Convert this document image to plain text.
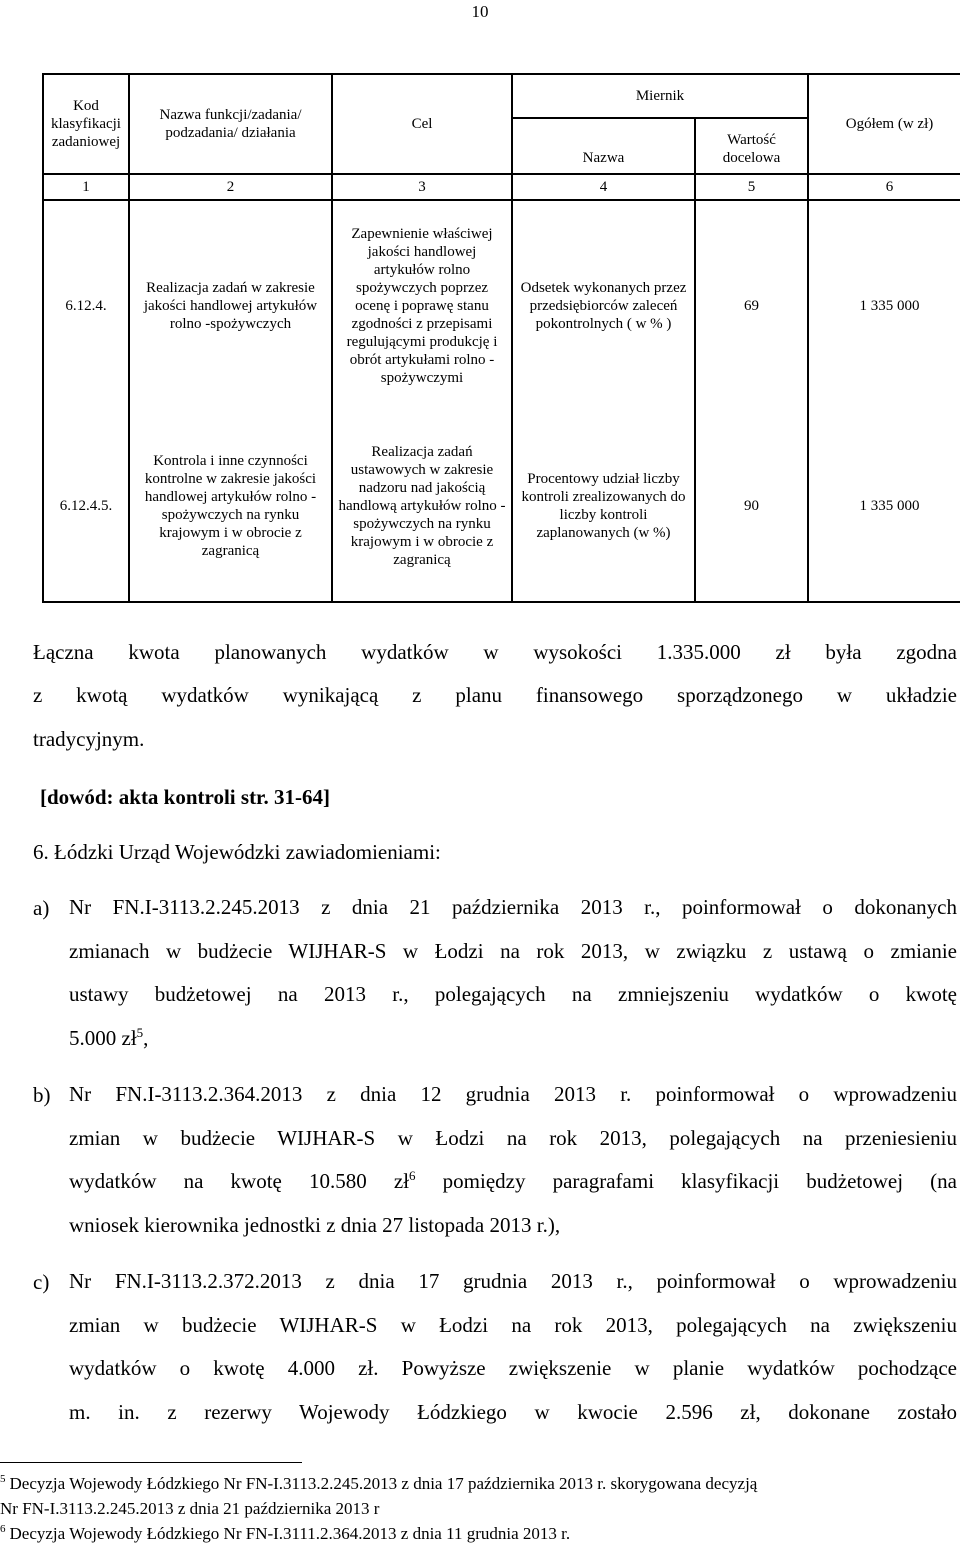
10
Kod klasyfikacji zadaniowej	Nazwa funkcji/zadania/ podzadania/ działania	Cel	Miernik		Ogółem (w zł)
			Nazwa	Wartość docelowa	
1	2	3	4	5	6
6.12.4.	Realizacja zadań w zakresie jakości handlowej artykułów rolno -spożywczych	Zapewnienie właściwej jakości handlowej artykułów rolno spożywczych poprzez ocenę i poprawę stanu zgodności z przepisami regulującymi produkcję i obrót artykułami rolno -spożywczymi	Odsetek wykonanych przez przedsiębiorców zaleceń pokontrolnych ( w % )	69	1 335 000
6.12.4.5.	Kontrola i inne czynności kontrolne w zakresie jakości handlowej artykułów rolno - spożywczych na rynku krajowym i w obrocie z zagranicą	Realizacja zadań ustawowych w zakresie nadzoru nad jakością handlową artykułów rolno -spożywczych na rynku krajowym i w obrocie z zagranicą	Procentowy udział liczby kontroli zrealizowanych do liczby kontroli zaplanowanych (w %)	90	1 335 000
Łączna kwota planowanych wydatków w wysokości 1.335.000 zł była zgodna
z kwotą wydatków wynikającą z planu finansowego sporządzonego w układzie
tradycyjnym.
[dowód: akta kontroli str. 31-64]
6. Łódzki Urząd Wojewódzki zawiadomieniami:
a) Nr FN.I-3113.2.245.2013 z dnia 21 października 2013 r., poinformował o dokonanych
zmianach w budżecie WIJHAR-S w Łodzi na rok 2013, w związku z ustawą o zmianie
ustawy budżetowej na 2013 r., polegających na zmniejszeniu wydatków o kwotę
5.000 $zł^5$,
b) Nr FN.I-3113.2.364.2013 z dnia 12 grudnia 2013 r. poinformował o wprowadzeniu
zmian w budżecie WIJHAR-S w Łodzi na rok 2013, polegających na przeniesieniu
wydatków na kwotę 10.580 $zł^6$ pomiędzy paragrafami klasyfikacji budżetowej (na
wniosek kierownika jednostki z dnia 27 listopada 2013 r.),
c) Nr FN.I-3113.2.372.2013 z dnia 17 grudnia 2013 r., poinformował o wprowadzeniu
zmian w budżecie WIJHAR-S w Łodzi na rok 2013, polegających na zwiększeniu
wydatków o kwotę 4.000 zł. Powyższe zwiększenie w planie wydatków pochodzące
m. in. z rezerwy Wojewody Łódzkiego w kwocie 2.596 zł, dokonane zostało
$^5$ Decyzja Wojewody Łódzkiego Nr FN-I.3113.2.245.2013 z dnia 17 października 2013 r. skorygowana decyzją
Nr FN-I.3113.2.245.2013 z dnia 21 października 2013 r
$^6$ Decyzja Wojewody Łódzkiego Nr FN-I.3111.2.364.2013 z dnia 11 grudnia 2013 r.
